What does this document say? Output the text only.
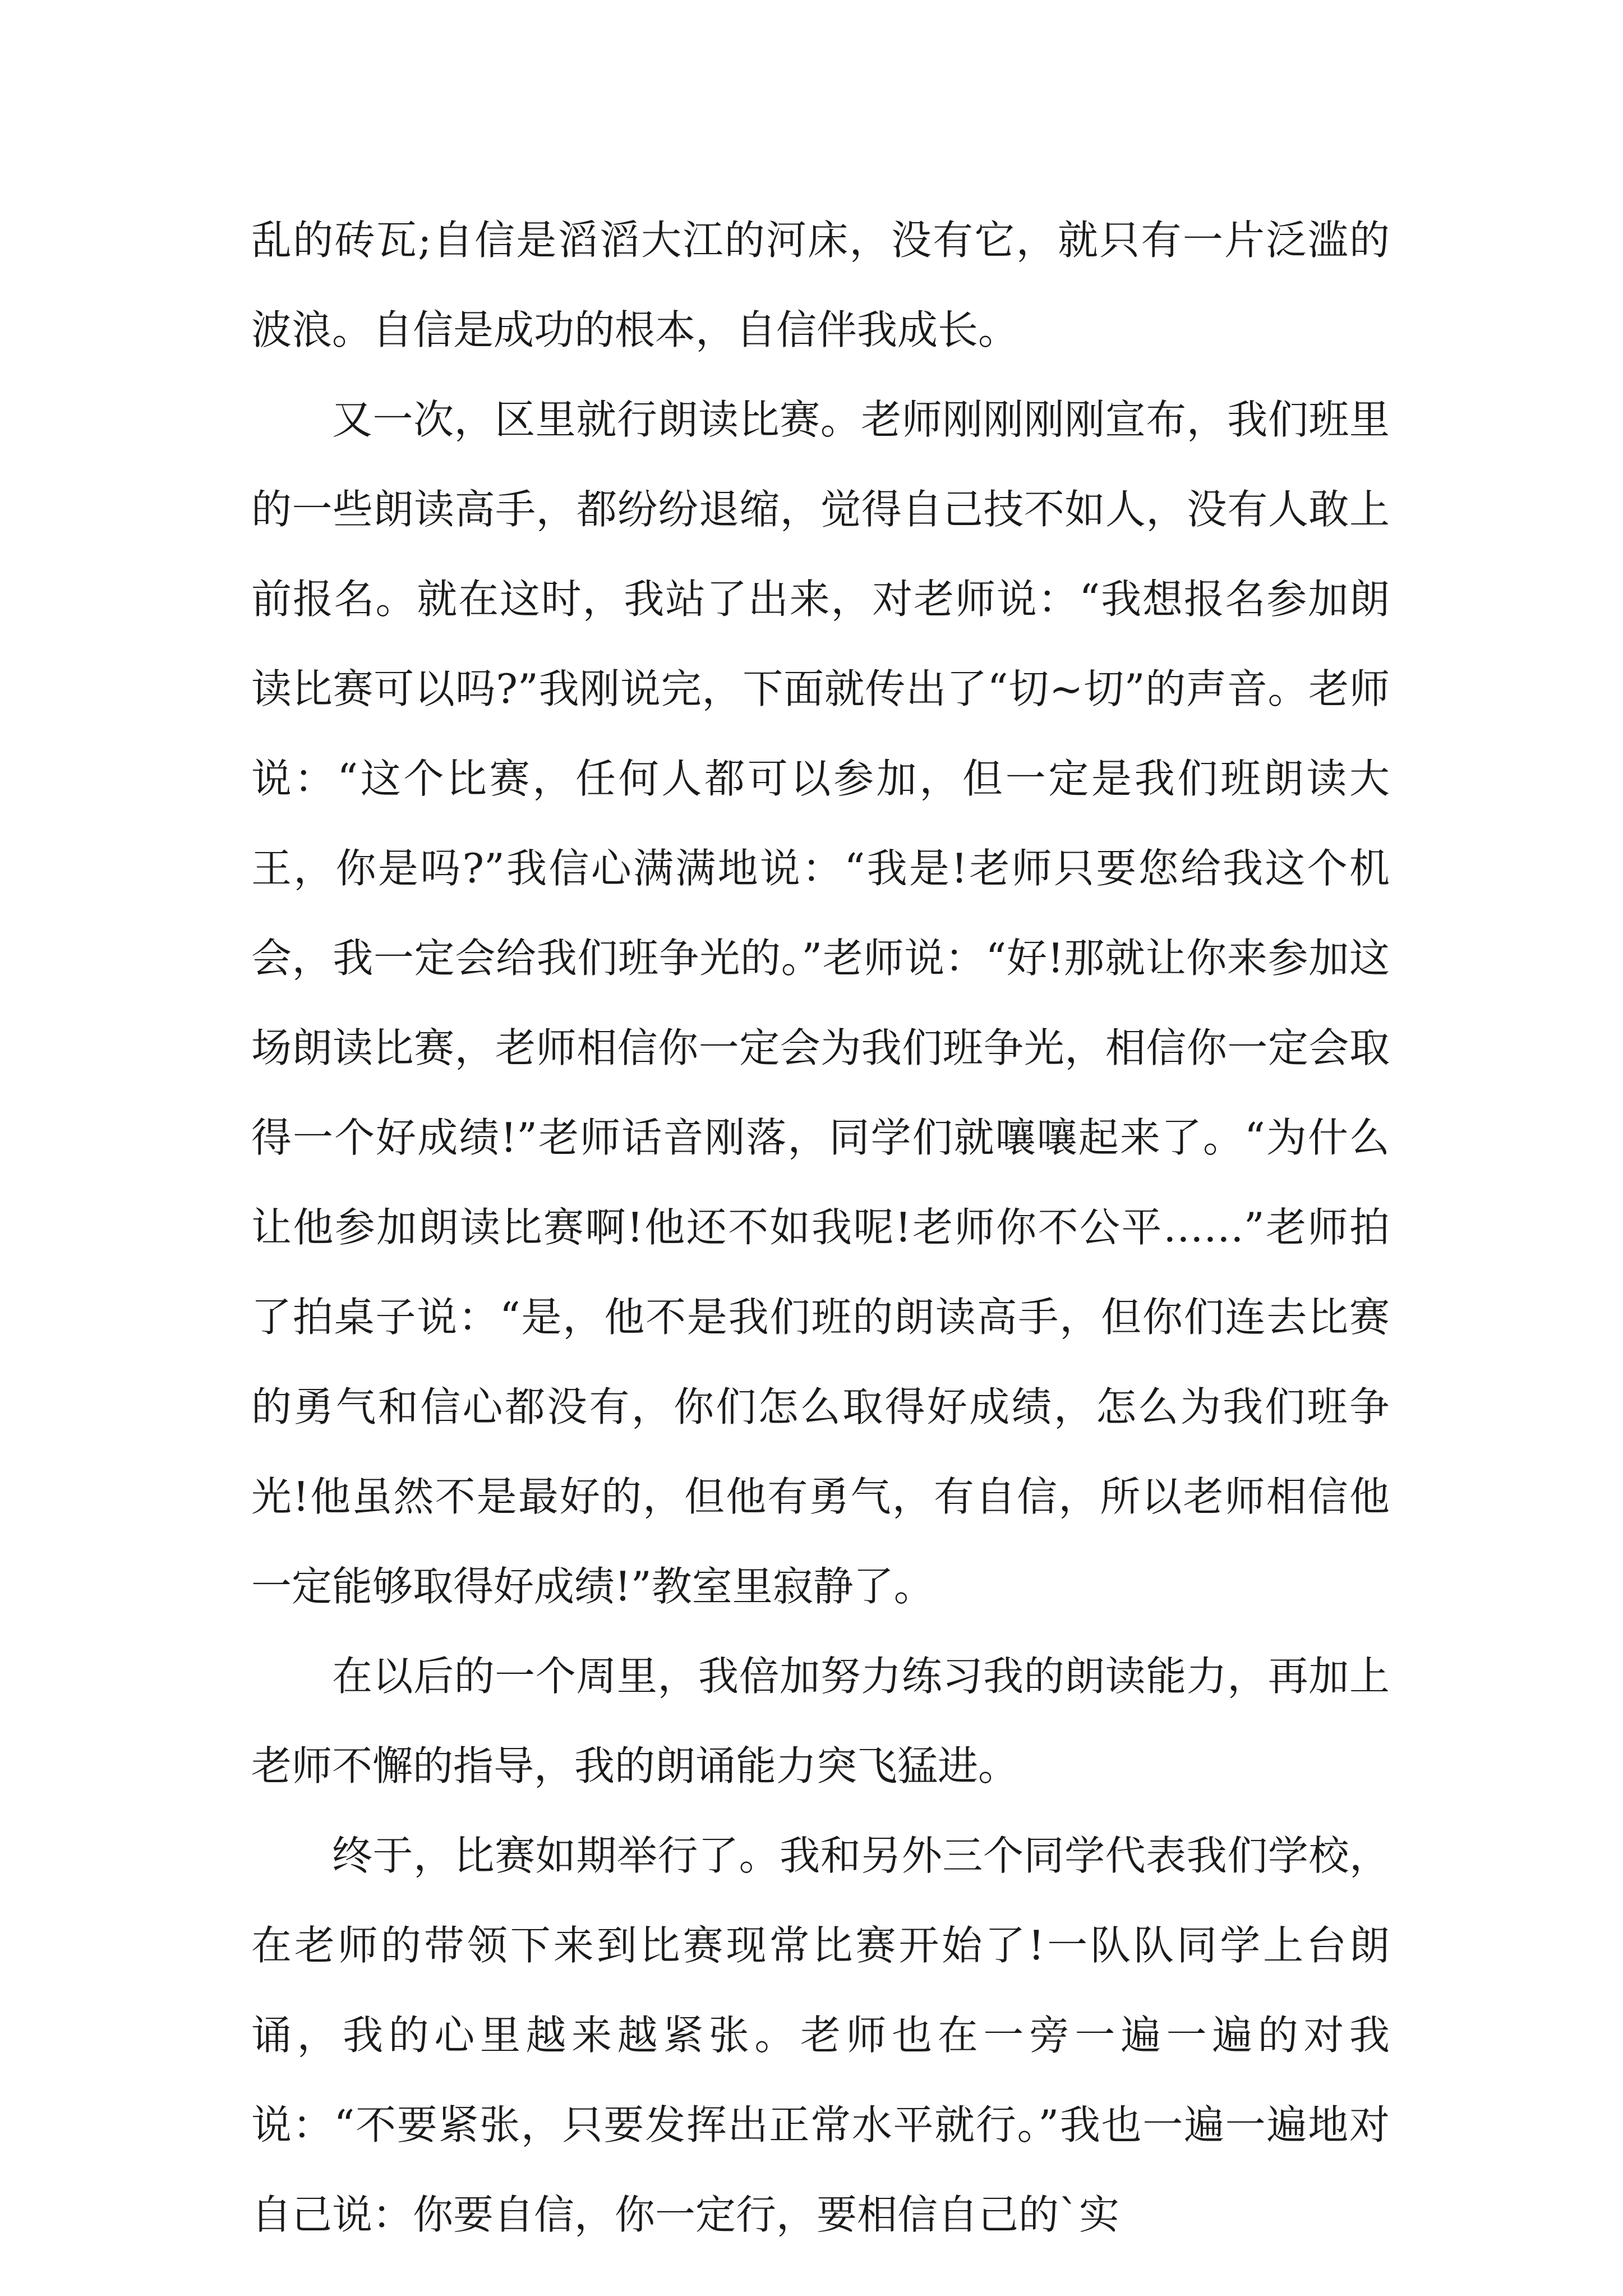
乱的砖瓦;自信是滔滔大江的河床，没有它，就只有一片泛滥的波浪。自信是成功的根本，自信伴我成长。

又一次，区里就行朗读比赛。老师刚刚刚刚宣布，我们班里的一些朗读高手，都纷纷退缩，觉得自己技不如人，没有人敢上前报名。就在这时，我站了出来，对老师说：“我想报名参加朗读比赛可以吗?”我刚说完，下面就传出了“切~切”的声音。老师说：“这个比赛，任何人都可以参加，但一定是我们班朗读大王，你是吗?”我信心满满地说：“我是!老师只要您给我这个机会，我一定会给我们班争光的。”老师说：“好!那就让你来参加这场朗读比赛，老师相信你一定会为我们班争光，相信你一定会取得一个好成绩!”老师话音刚落，同学们就嚷嚷起来了。“为什么让他参加朗读比赛啊!他还不如我呢!老师你不公平……”老师拍了拍桌子说：“是，他不是我们班的朗读高手，但你们连去比赛的勇气和信心都没有，你们怎么取得好成绩，怎么为我们班争光!他虽然不是最好的，但他有勇气，有自信，所以老师相信他一定能够取得好成绩!”教室里寂静了。

在以后的一个周里，我倍加努力练习我的朗读能力，再加上老师不懈的指导，我的朗诵能力突飞猛进。

终于，比赛如期举行了。我和另外三个同学代表我们学校，在老师的带领下来到比赛现常比赛开始了!一队队同学上台朗诵，我的心里越来越紧张。老师也在一旁一遍一遍的对我说：“不要紧张，只要发挥出正常水平就行。”我也一遍一遍地对自己说：你要自信，你一定行，要相信自己的`实
